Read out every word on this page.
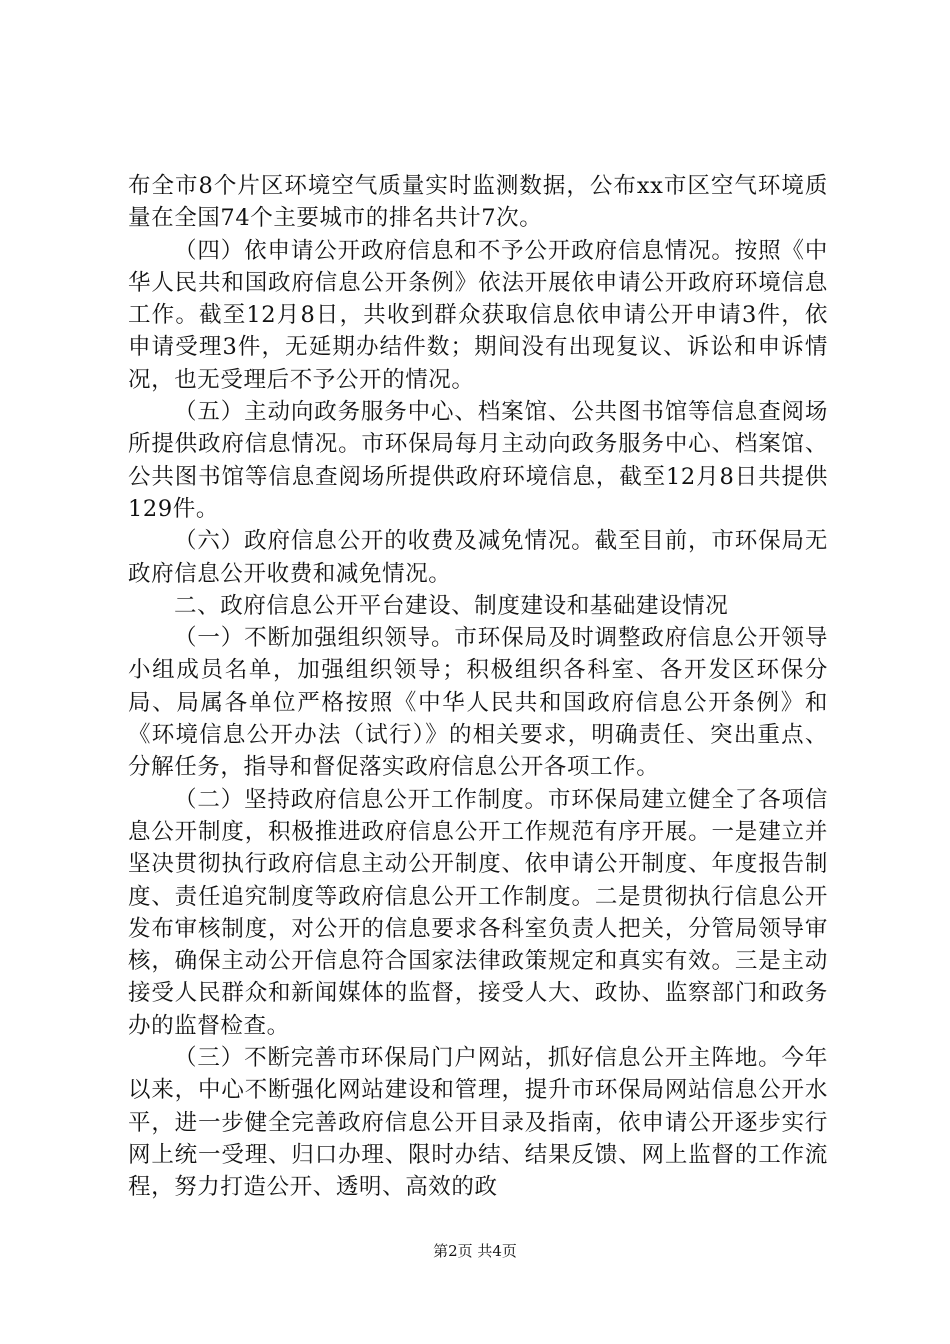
布全市8个片区环境空气质量实时监测数据，公布xx市区空气环境质量在全国74个主要城市的排名共计7次。

（四）依申请公开政府信息和不予公开政府信息情况。按照《中华人民共和国政府信息公开条例》依法开展依申请公开政府环境信息工作。截至12月8日，共收到群众获取信息依申请公开申请3件，依申请受理3件，无延期办结件数；期间没有出现复议、诉讼和申诉情况，也无受理后不予公开的情况。

（五）主动向政务服务中心、档案馆、公共图书馆等信息查阅场所提供政府信息情况。市环保局每月主动向政务服务中心、档案馆、公共图书馆等信息查阅场所提供政府环境信息，截至12月8日共提供129件。

（六）政府信息公开的收费及减免情况。截至目前，市环保局无政府信息公开收费和减免情况。

二、政府信息公开平台建设、制度建设和基础建设情况

（一）不断加强组织领导。市环保局及时调整政府信息公开领导小组成员名单，加强组织领导；积极组织各科室、各开发区环保分局、局属各单位严格按照《中华人民共和国政府信息公开条例》和《环境信息公开办法（试行）》的相关要求，明确责任、突出重点、分解任务，指导和督促落实政府信息公开各项工作。

（二）坚持政府信息公开工作制度。市环保局建立健全了各项信息公开制度，积极推进政府信息公开工作规范有序开展。一是建立并坚决贯彻执行政府信息主动公开制度、依申请公开制度、年度报告制度、责任追究制度等政府信息公开工作制度。二是贯彻执行信息公开发布审核制度，对公开的信息要求各科室负责人把关，分管局领导审核，确保主动公开信息符合国家法律政策规定和真实有效。三是主动接受人民群众和新闻媒体的监督，接受人大、政协、监察部门和政务办的监督检查。

（三）不断完善市环保局门户网站，抓好信息公开主阵地。今年以来，中心不断强化网站建设和管理，提升市环保局网站信息公开水平，进一步健全完善政府信息公开目录及指南，依申请公开逐步实行网上统一受理、归口办理、限时办结、结果反馈、网上监督的工作流程，努力打造公开、透明、高效的政

第2页 共4页
